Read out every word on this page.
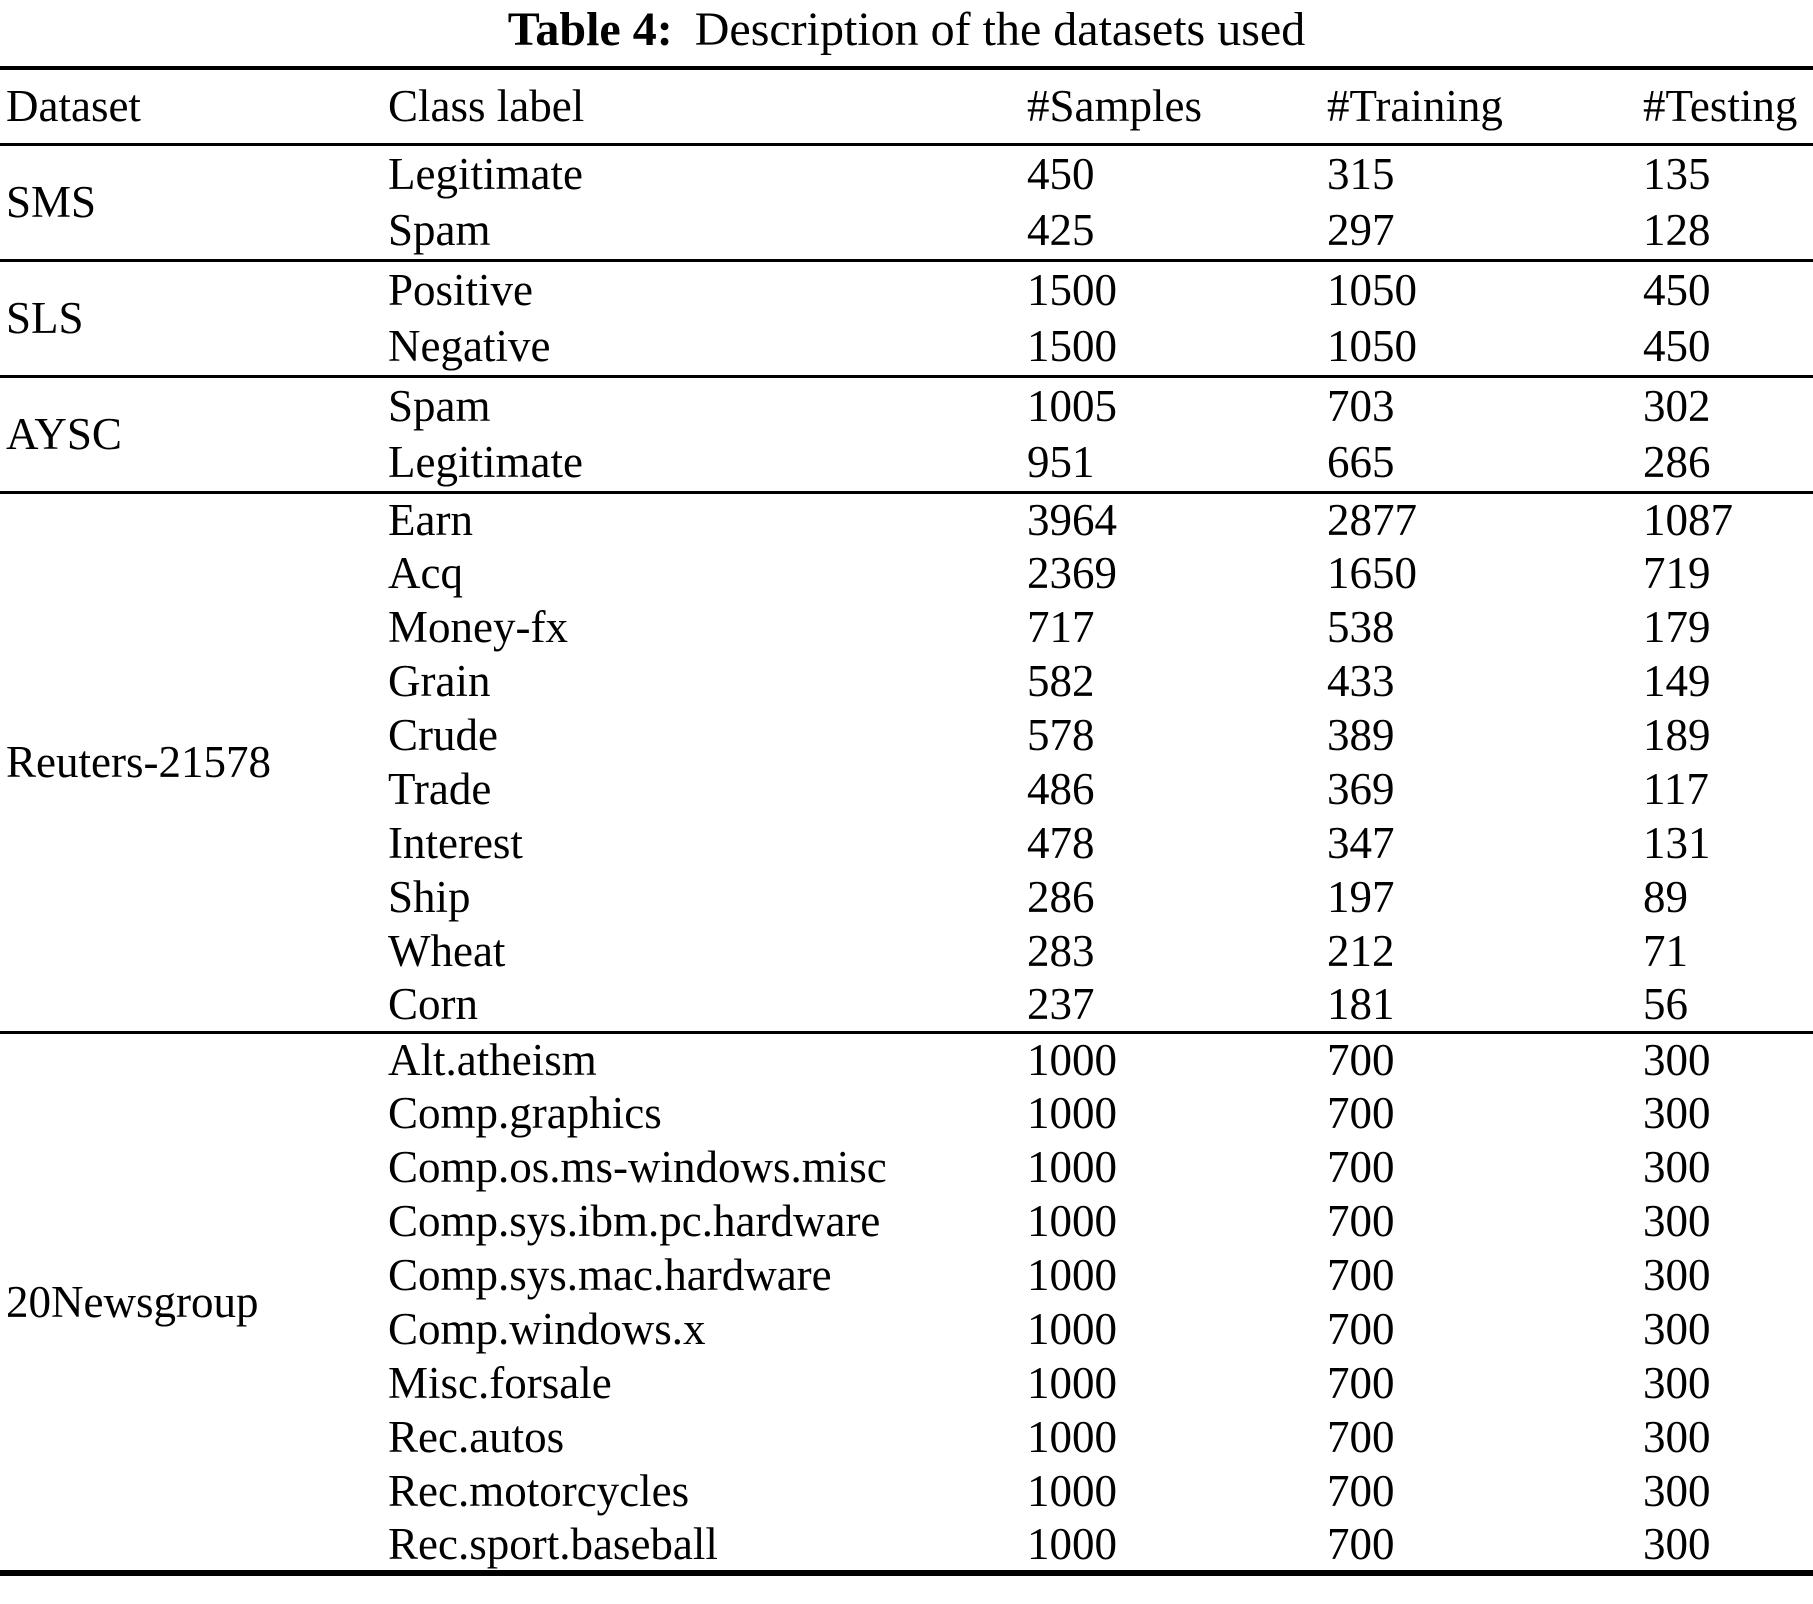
Table 4: Description of the datasets used
Dataset	Class label	#Samples	#Training	#Testing
SMS	Legitimate	450	315	135
	Spam	425	297	128
SLS	Positive	1500	1050	450
	Negative	1500	1050	450
AYSC	Spam	1005	703	302
	Legitimate	951	665	286
Reuters-21578	Earn	3964	2877	1087
	Acq	2369	1650	719
	Money-fx	717	538	179
	Grain	582	433	149
	Crude	578	389	189
	Trade	486	369	117
	Interest	478	347	131
	Ship	286	197	89
	Wheat	283	212	71
	Corn	237	181	56
20Newsgroup	Alt.atheism	1000	700	300
	Comp.graphics	1000	700	300
	Comp.os.ms-windows.misc	1000	700	300
	Comp.sys.ibm.pc.hardware	1000	700	300
	Comp.sys.mac.hardware	1000	700	300
	Comp.windows.x	1000	700	300
	Misc.forsale	1000	700	300
	Rec.autos	1000	700	300
	Rec.motorcycles	1000	700	300
	Rec.sport.baseball	1000	700	300
